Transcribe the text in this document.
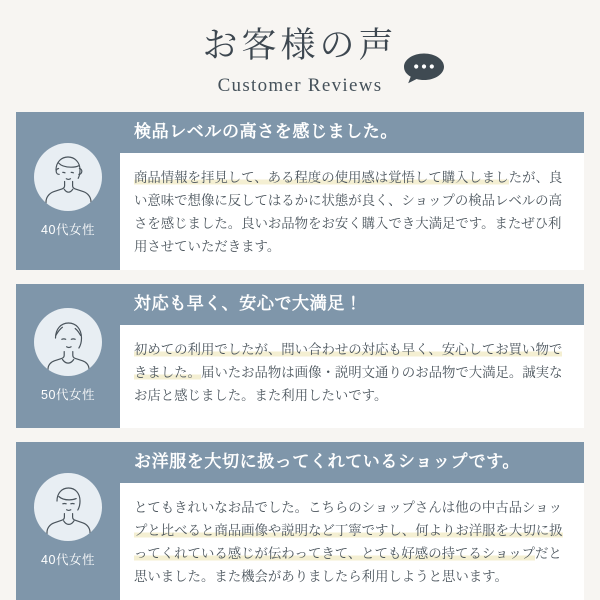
お客様の声
Customer Reviews
40代女性
検品レベルの高さを感じました。
商品情報を拝見して、ある程度の使用感は覚悟して購入しましたが、良い意味で想像に反してはるかに状態が良く、ショップの検品レベルの高さを感じました。良いお品物をお安く購入でき大満足です。またぜひ利用させていただきます。
50代女性
対応も早く、安心で大満足！
初めての利用でしたが、問い合わせの対応も早く、安心してお買い物できました。届いたお品物は画像・説明文通りのお品物で大満足。誠実なお店と感じました。また利用したいです。
40代女性
お洋服を大切に扱ってくれているショップです。
とてもきれいなお品でした。こちらのショップさんは他の中古品ショップと比べると商品画像や説明など丁寧ですし、何よりお洋服を大切に扱ってくれている感じが伝わってきて、とても好感の持てるショップだと思いました。また機会がありましたら利用しようと思います。
